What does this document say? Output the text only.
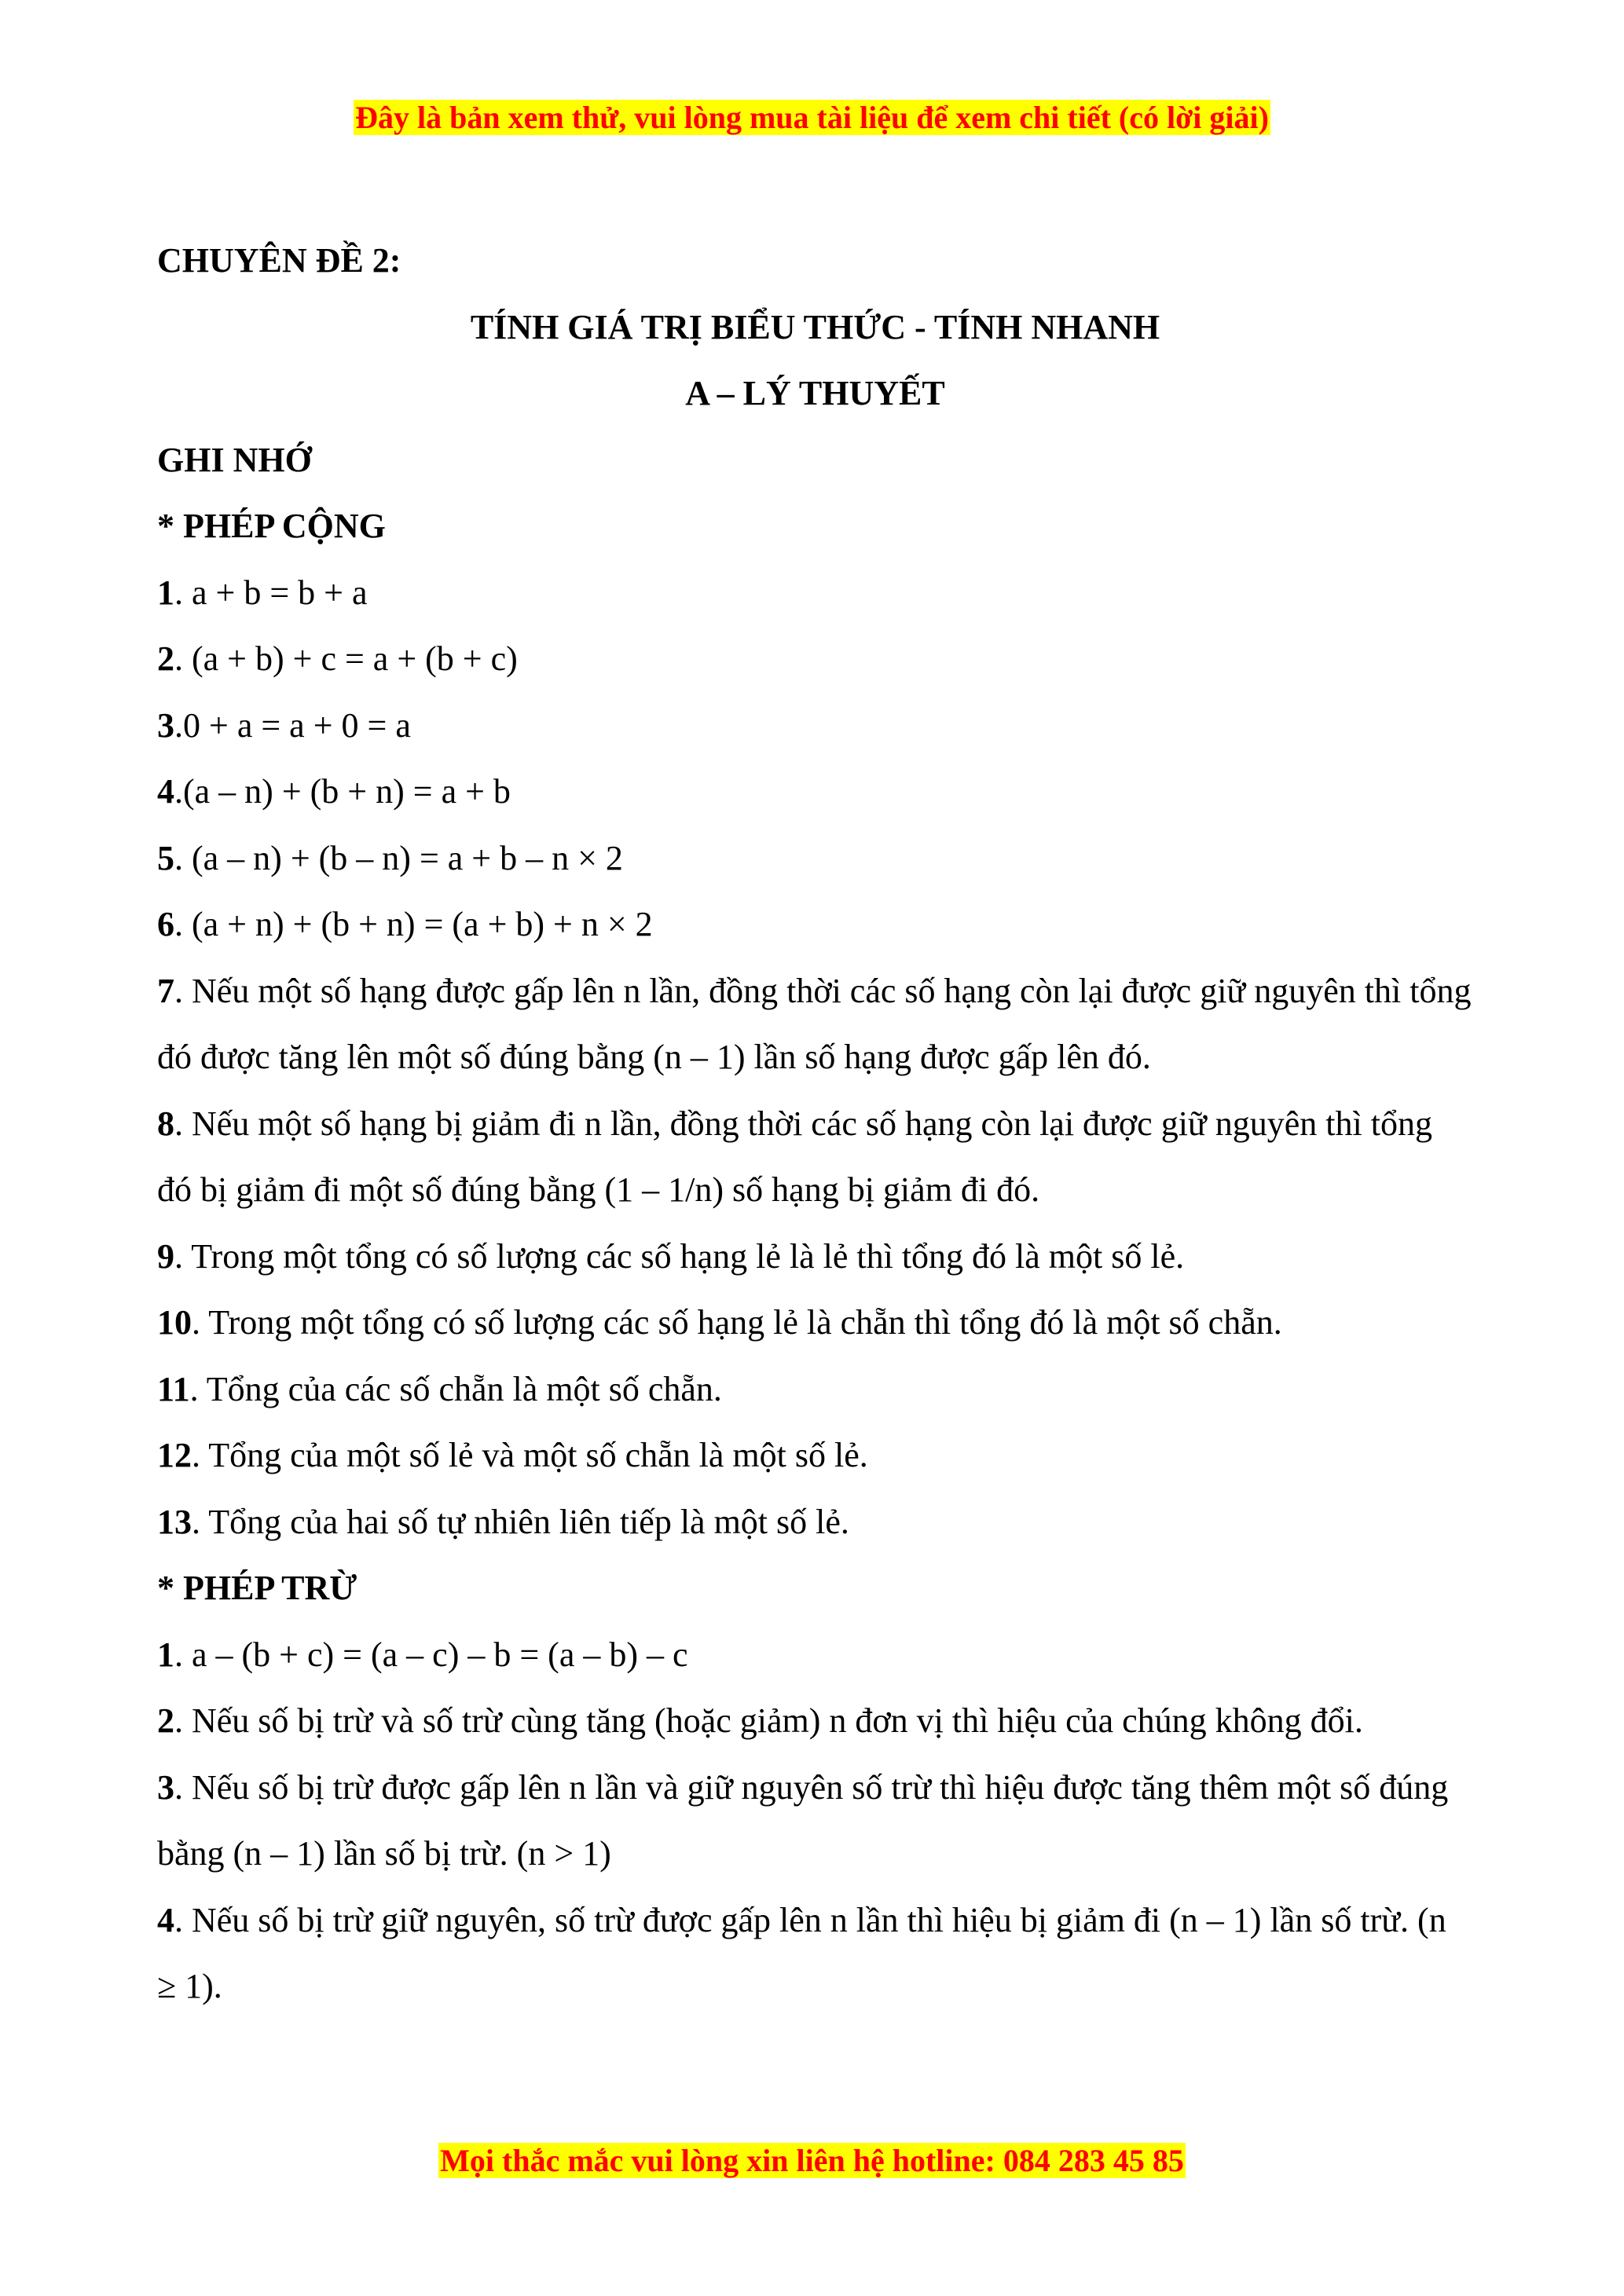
Đây là bản xem thử, vui lòng mua tài liệu để xem chi tiết (có lời giải)

CHUYÊN ĐỀ 2:

TÍNH GIÁ TRỊ BIỂU THỨC - TÍNH NHANH

A – LÝ THUYẾT

GHI NHỚ

* PHÉP CỘNG

1. a + b = b + a

2. (a + b) + c = a + (b + c)

3.0 + a = a + 0 = a

4.(a – n) + (b + n) = a + b

5. (a – n) + (b – n) = a + b – n × 2

6. (a + n) + (b + n) = (a + b) + n × 2

7. Nếu một số hạng được gấp lên n lần, đồng thời các số hạng còn lại được giữ nguyên thì tổng đó được tăng lên một số đúng bằng (n – 1) lần số hạng được gấp lên đó.

8. Nếu một số hạng bị giảm đi n lần, đồng thời các số hạng còn lại được giữ nguyên thì tổng đó bị giảm đi một số đúng bằng (1 – 1/n) số hạng bị giảm đi đó.

9. Trong một tổng có số lượng các số hạng lẻ là lẻ thì tổng đó là một số lẻ.

10. Trong một tổng có số lượng các số hạng lẻ là chẵn thì tổng đó là một số chẵn.

11. Tổng của các số chẵn là một số chẵn.

12. Tổng của một số lẻ và một số chẵn là một số lẻ.

13. Tổng của hai số tự nhiên liên tiếp là một số lẻ.

* PHÉP TRỪ

1. a – (b + c) = (a – c) – b = (a – b) – c

2. Nếu số bị trừ và số trừ cùng tăng (hoặc giảm) n đơn vị thì hiệu của chúng không đổi.

3. Nếu số bị trừ được gấp lên n lần và giữ nguyên số trừ thì hiệu được tăng thêm một số đúng bằng (n – 1) lần số bị trừ. (n > 1)

4. Nếu số bị trừ giữ nguyên, số trừ được gấp lên n lần thì hiệu bị giảm đi (n – 1) lần số trừ. (n ≥ 1).

Mọi thắc mắc vui lòng xin liên hệ hotline: 084 283 45 85
